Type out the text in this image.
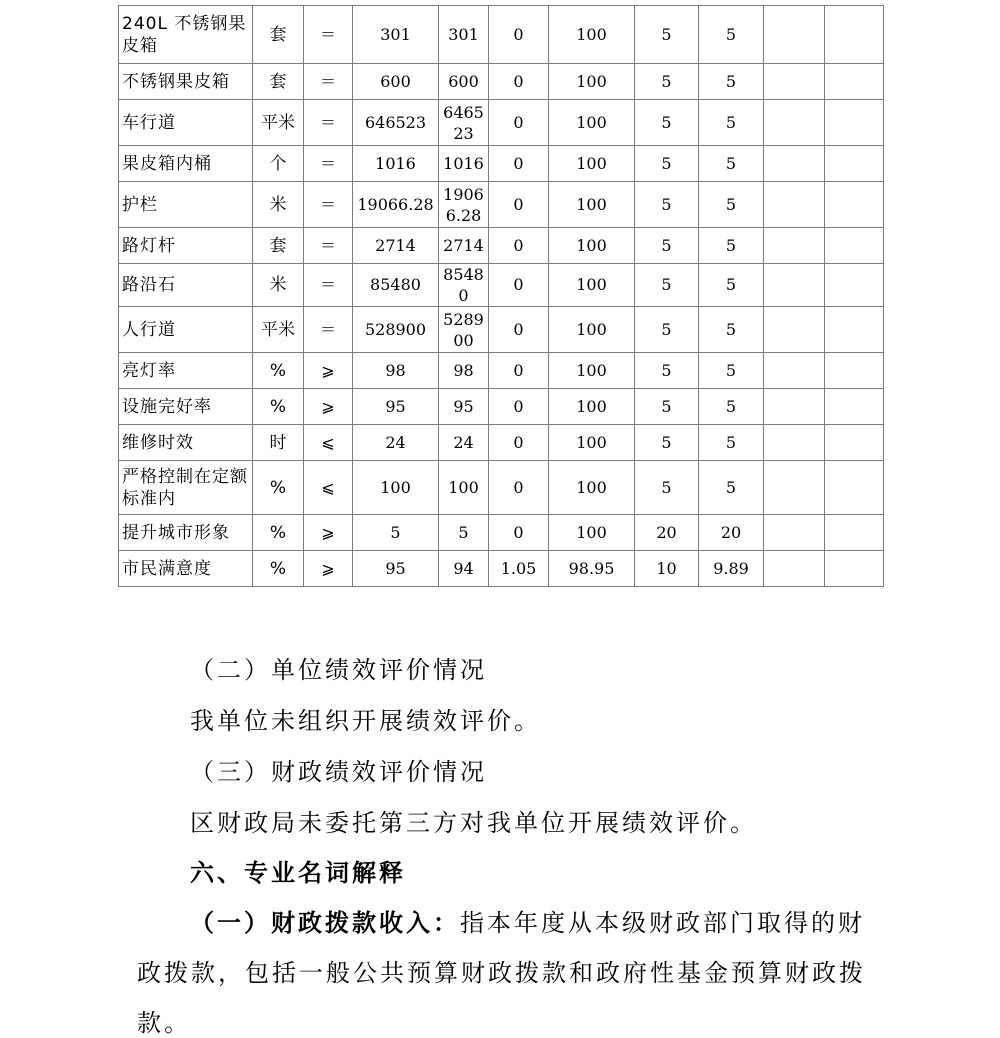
240L 不锈钢果皮箱	套	＝	301	301	0	100	5	5		
不锈钢果皮箱	套	＝	600	600	0	100	5	5		
车行道	平米	＝	646523	646523	0	100	5	5		
果皮箱内桶	个	＝	1016	1016	0	100	5	5		
护栏	米	＝	19066.28	19066.28	0	100	5	5		
路灯杆	套	＝	2714	2714	0	100	5	5		
路沿石	米	＝	85480	85480	0	100	5	5		
人行道	平米	＝	528900	528900	0	100	5	5		
亮灯率	%	⩾	98	98	0	100	5	5		
设施完好率	%	⩾	95	95	0	100	5	5		
维修时效	时	⩽	24	24	0	100	5	5		
严格控制在定额标准内	%	⩽	100	100	0	100	5	5		
提升城市形象	%	⩾	5	5	0	100	20	20		
市民满意度	%	⩾	95	94	1.05	98.95	10	9.89		
（二）单位绩效评价情况
我单位未组织开展绩效评价。
（三）财政绩效评价情况
区财政局未委托第三方对我单位开展绩效评价。
六、专业名词解释
（一）财政拨款收入：指本年度从本级财政部门取得的财
政拨款，包括一般公共预算财政拨款和政府性基金预算财政拨
款。
